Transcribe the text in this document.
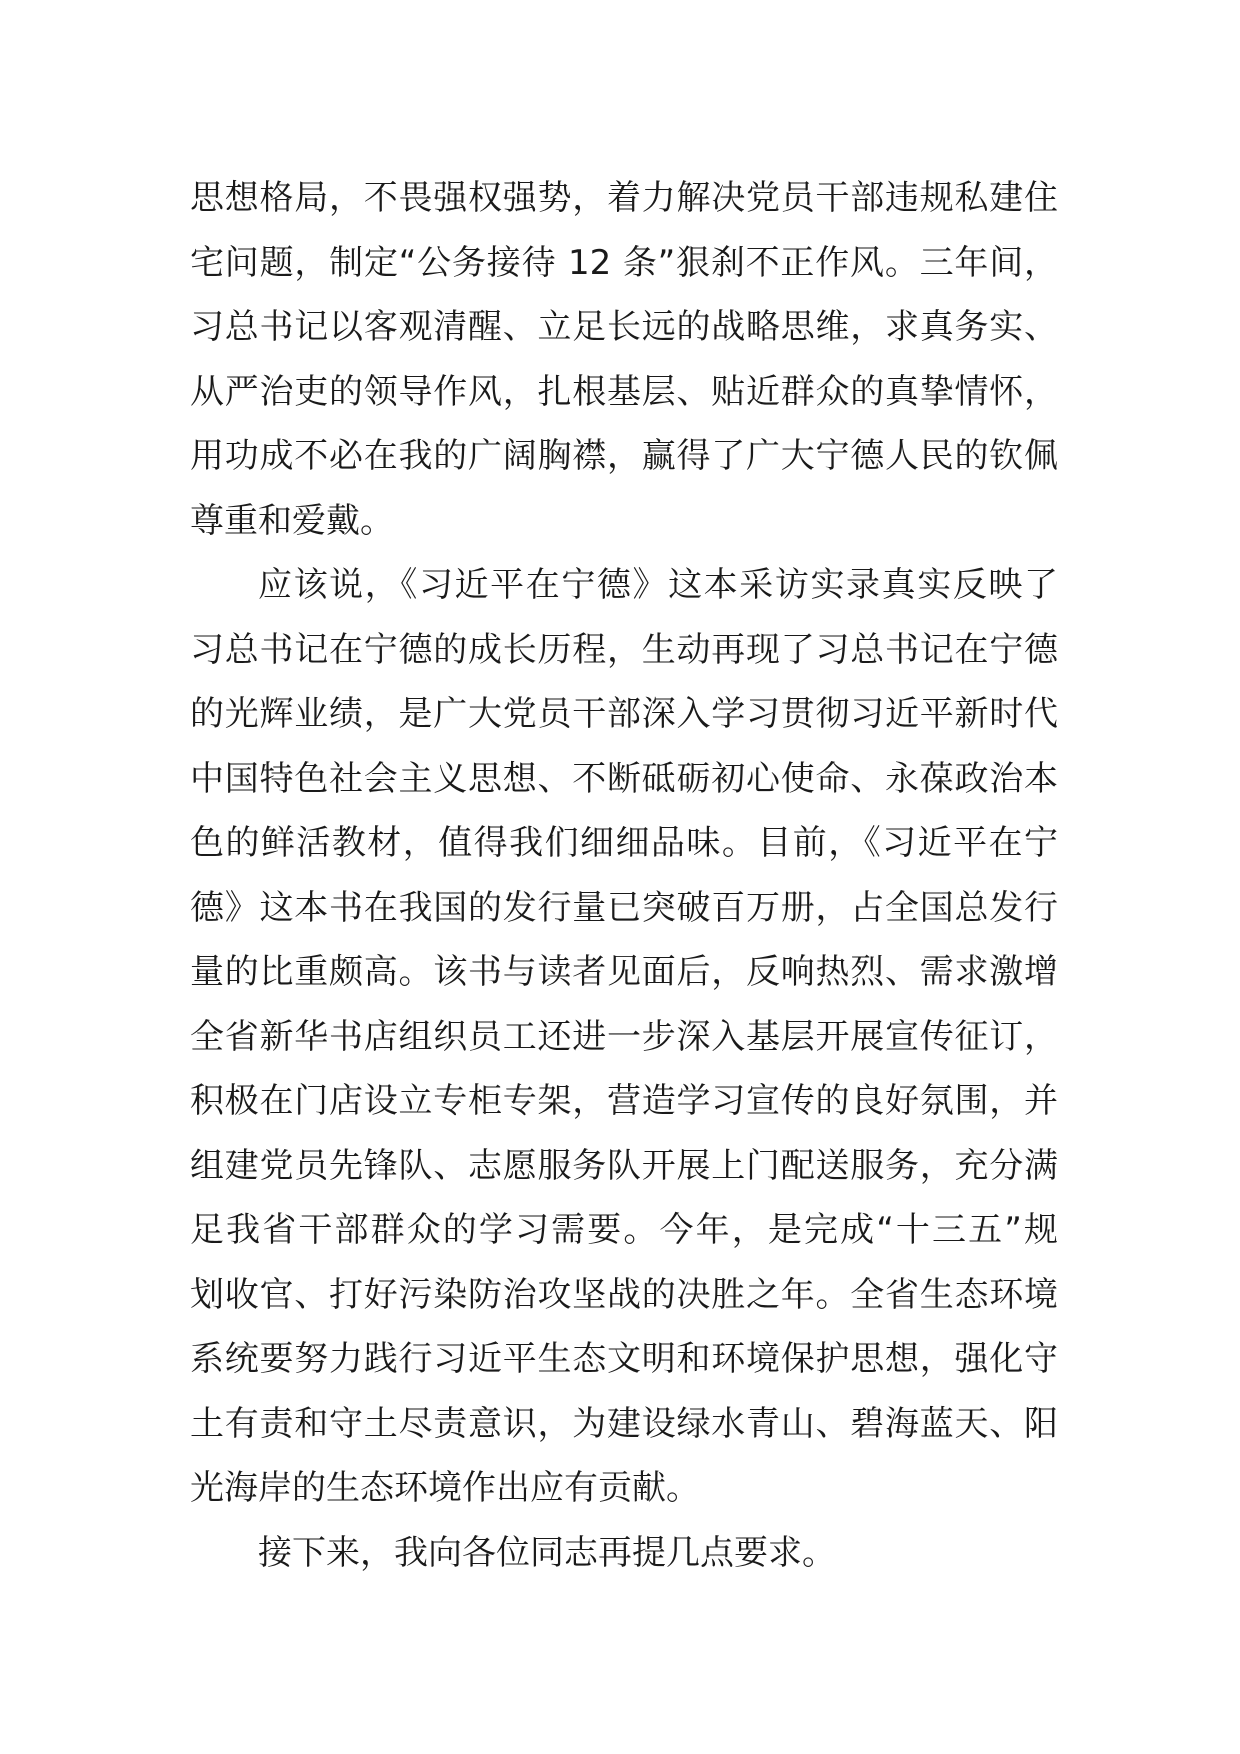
思想格局，不畏强权强势，着力解决党员干部违规私建住
宅问题，制定“公务接待 12 条”狠刹不正作风。三年间，
习总书记以客观清醒、立足长远的战略思维，求真务实、
从严治吏的领导作风，扎根基层、贴近群众的真挚情怀，
用功成不必在我的广阔胸襟，赢得了广大宁德人民的钦佩
尊重和爱戴。
应该说，《习近平在宁德》这本采访实录真实反映了
习总书记在宁德的成长历程，生动再现了习总书记在宁德
的光辉业绩，是广大党员干部深入学习贯彻习近平新时代
中国特色社会主义思想、不断砥砺初心使命、永葆政治本
色的鲜活教材，值得我们细细品味。目前，《习近平在宁
德》这本书在我国的发行量已突破百万册，占全国总发行
量的比重颇高。该书与读者见面后，反响热烈、需求激增
全省新华书店组织员工还进一步深入基层开展宣传征订，
积极在门店设立专柜专架，营造学习宣传的良好氛围，并
组建党员先锋队、志愿服务队开展上门配送服务，充分满
足我省干部群众的学习需要。今年，是完成“十三五”规
划收官、打好污染防治攻坚战的决胜之年。全省生态环境
系统要努力践行习近平生态文明和环境保护思想，强化守
土有责和守土尽责意识，为建设绿水青山、碧海蓝天、阳
光海岸的生态环境作出应有贡献。
接下来，我向各位同志再提几点要求。
